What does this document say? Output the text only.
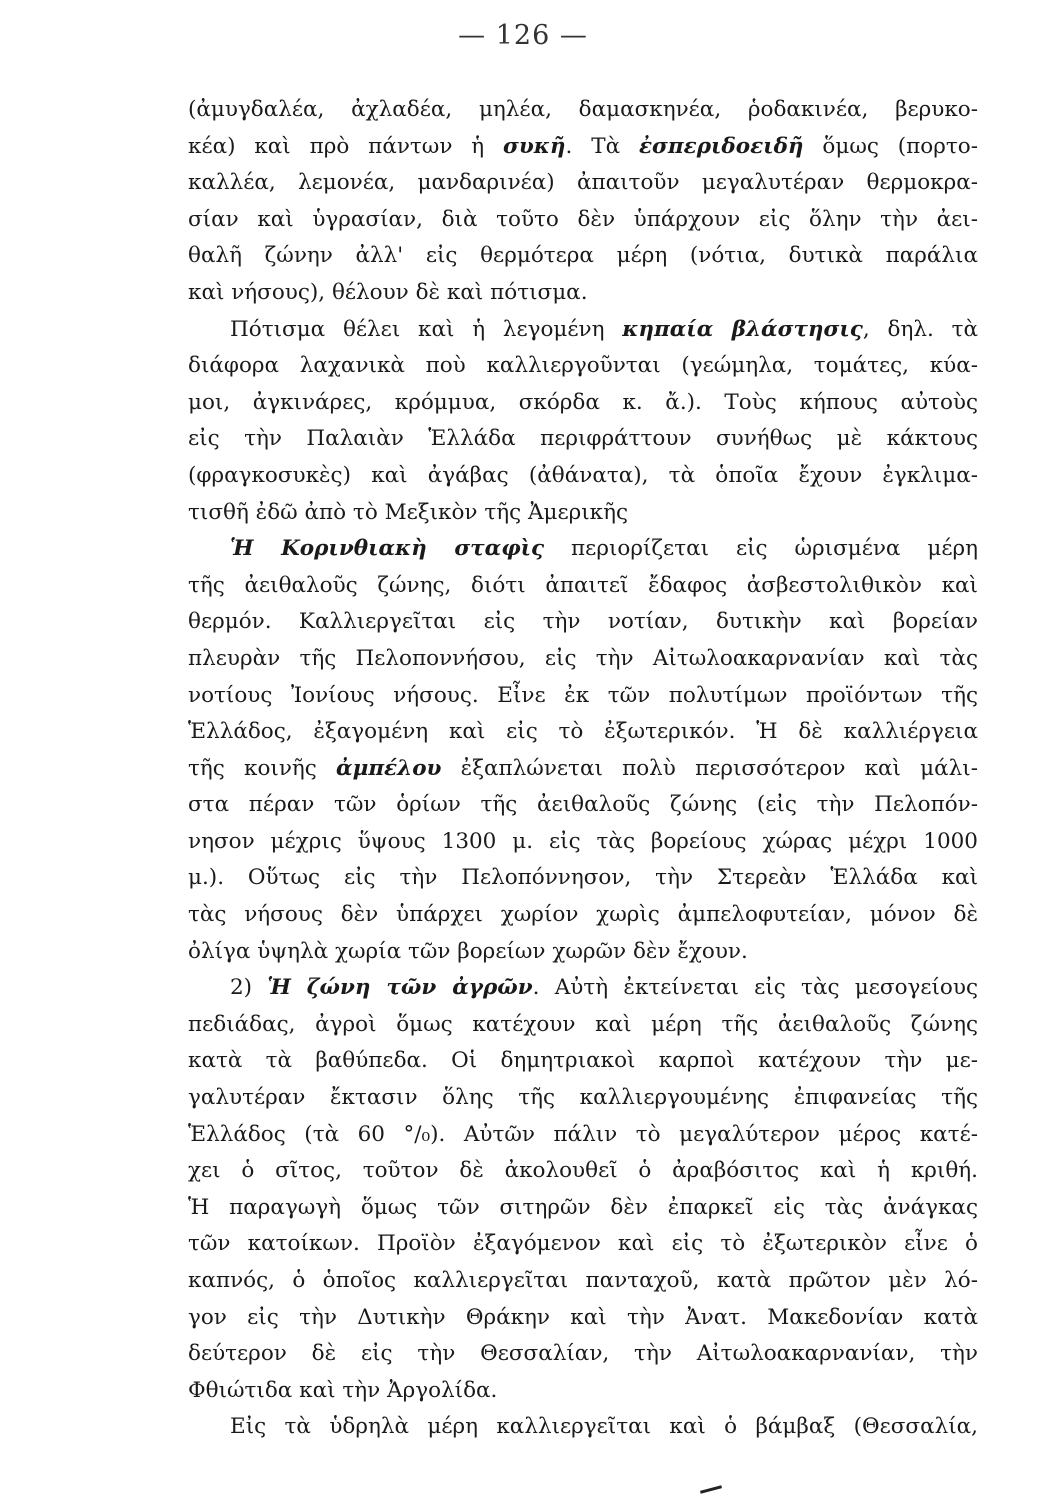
— 126 —
(ἀμυγδαλέα, ἀχλαδέα, μηλέα, δαμασκηνέα, ῥοδακινέα, βερυκο-
κέα) καὶ πρὸ πάντων ἡ συκῆ. Τὰ ἐσπεριδοειδῆ ὅμως (πορτο-
καλλέα, λεμονέα, μανδαρινέα) ἀπαιτοῦν μεγαλυτέραν θερμοκρα-
σίαν καὶ ὑγρασίαν, διὰ τοῦτο δὲν ὑπάρχουν εἰς ὅλην τὴν ἀει-
θαλῆ ζώνην ἀλλ' εἰς θερμότερα μέρη (νότια, δυτικὰ παράλια
καὶ νήσους), θέλουν δὲ καὶ πότισμα.
Πότισμα θέλει καὶ ἡ λεγομένη κηπαία βλάστησις, δηλ. τὰ
διάφορα λαχανικὰ ποὺ καλλιεργοῦνται (γεώμηλα, τομάτες, κύα-
μοι, ἀγκινάρες, κρόμμυα, σκόρδα κ. ἄ.). Τοὺς κήπους αὐτοὺς
εἰς τὴν Παλαιὰν Ἑλλάδα περιφράττουν συνήθως μὲ κάκτους
(φραγκοσυκὲς) καὶ ἀγάβας (ἀθάνατα), τὰ ὁποῖα ἔχουν ἐγκλιμα-
τισθῆ ἐδῶ ἀπὸ τὸ Μεξικὸν τῆς Ἀμερικῆς
Ἡ Κορινθιακὴ σταφὶς περιορίζεται εἰς ὡρισμένα μέρη
τῆς ἀειθαλοῦς ζώνης, διότι ἀπαιτεῖ ἔδαφος ἀσβεστολιθικὸν καὶ
θερμόν. Καλλιεργεῖται εἰς τὴν νοτίαν, δυτικὴν καὶ βορείαν
πλευρὰν τῆς Πελοποννήσου, εἰς τὴν Αἰτωλοακαρνανίαν καὶ τὰς
νοτίους Ἰονίους νήσους. Εἶνε ἐκ τῶν πολυτίμων προϊόντων τῆς
Ἑλλάδος, ἐξαγομένη καὶ εἰς τὸ ἐξωτερικόν. Ἡ δὲ καλλιέργεια
τῆς κοινῆς ἀμπέλου ἐξαπλώνεται πολὺ περισσότερον καὶ μάλι-
στα πέραν τῶν ὁρίων τῆς ἀειθαλοῦς ζώνης (εἰς τὴν Πελοπόν-
νησον μέχρις ὕψους 1300 μ. εἰς τὰς βορείους χώρας μέχρι 1000
μ.). Οὕτως εἰς τὴν Πελοπόννησον, τὴν Στερεὰν Ἑλλάδα καὶ
τὰς νήσους δὲν ὑπάρχει χωρίον χωρὶς ἀμπελοφυτείαν, μόνον δὲ
ὀλίγα ὑψηλὰ χωρία τῶν βορείων χωρῶν δὲν ἔχουν.
2) Ἡ ζώνη τῶν ἀγρῶν. Αὐτὴ ἐκτείνεται εἰς τὰς μεσογείους
πεδιάδας, ἀγροὶ ὅμως κατέχουν καὶ μέρη τῆς ἀειθαλοῦς ζώνης
κατὰ τὰ βαθύπεδα. Οἱ δημητριακοὶ καρποὶ κατέχουν τὴν με-
γαλυτέραν ἔκτασιν ὅλης τῆς καλλιεργουμένης ἐπιφανείας τῆς
Ἑλλάδος (τὰ 60 °/₀). Αὐτῶν πάλιν τὸ μεγαλύτερον μέρος κατέ-
χει ὁ σῖτος, τοῦτον δὲ ἀκολουθεῖ ὁ ἀραβόσιτος καὶ ἡ κριθή.
Ἡ παραγωγὴ ὅμως τῶν σιτηρῶν δὲν ἐπαρκεῖ εἰς τὰς ἀνάγκας
τῶν κατοίκων. Προϊὸν ἐξαγόμενον καὶ εἰς τὸ ἐξωτερικὸν εἶνε ὁ
καπνός, ὁ ὁποῖος καλλιεργεῖται πανταχοῦ, κατὰ πρῶτον μὲν λό-
γον εἰς τὴν Δυτικὴν Θράκην καὶ τὴν Ἀνατ. Μακεδονίαν κατὰ
δεύτερον δὲ εἰς τὴν Θεσσαλίαν, τὴν Αἰτωλοακαρνανίαν, τὴν
Φθιώτιδα καὶ τὴν Ἀργολίδα.
Εἰς τὰ ὑδρηλὰ μέρη καλλιεργεῖται καὶ ὁ βάμβαξ (Θεσσαλία,
